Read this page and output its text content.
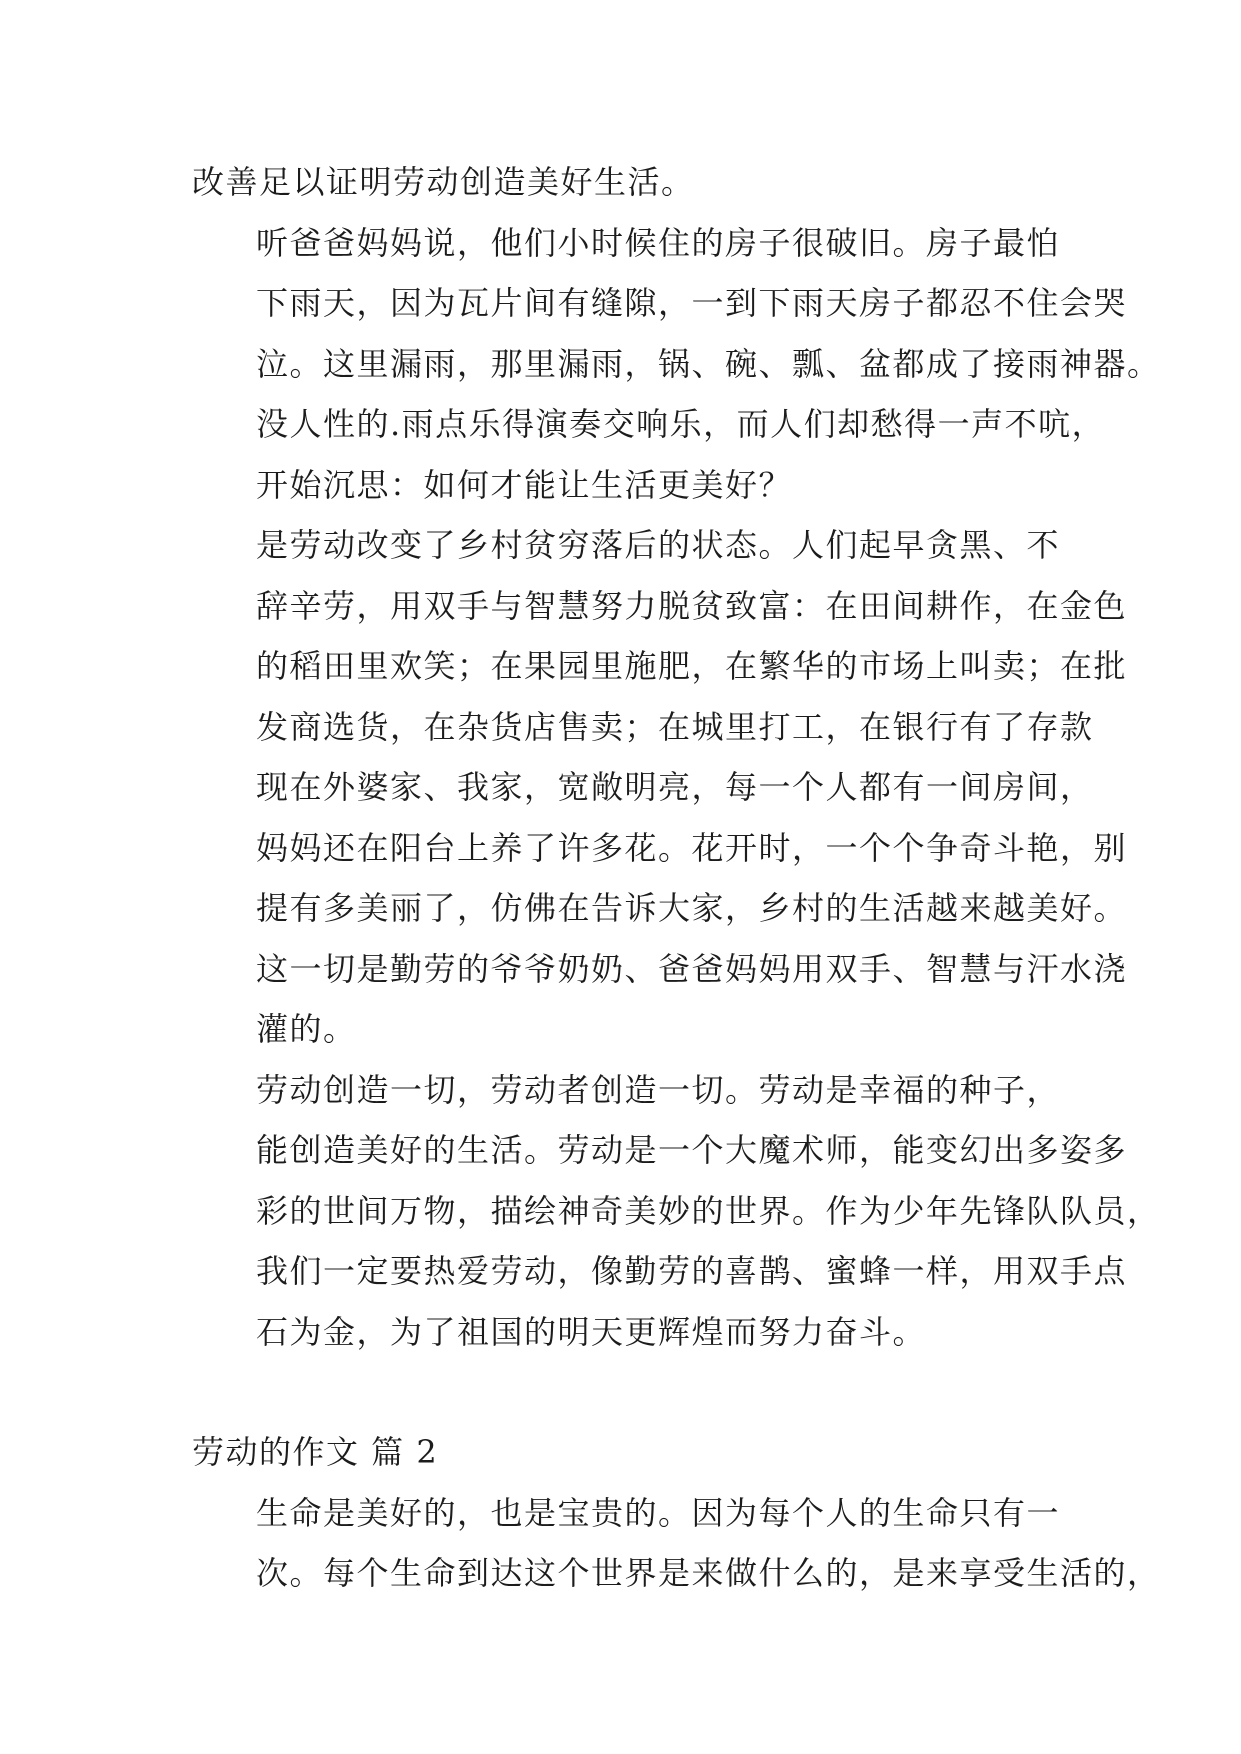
改善足以证明劳动创造美好生活。

听爸爸妈妈说，他们小时候住的房子很破旧。房子最怕
下雨天，因为瓦片间有缝隙，一到下雨天房子都忍不住会哭
泣。这里漏雨，那里漏雨，锅、碗、瓢、盆都成了接雨神器。
没人性的.雨点乐得演奏交响乐，而人们却愁得一声不吭，
开始沉思：如何才能让生活更美好？

是劳动改变了乡村贫穷落后的状态。人们起早贪黑、不
辞辛劳，用双手与智慧努力脱贫致富：在田间耕作，在金色
的稻田里欢笑；在果园里施肥，在繁华的市场上叫卖；在批
发商选货，在杂货店售卖；在城里打工，在银行有了存款

现在外婆家、我家，宽敞明亮，每一个人都有一间房间，
妈妈还在阳台上养了许多花。花开时，一个个争奇斗艳，别
提有多美丽了，仿佛在告诉大家，乡村的生活越来越美好。
这一切是勤劳的爷爷奶奶、爸爸妈妈用双手、智慧与汗水浇
灌的。

劳动创造一切，劳动者创造一切。劳动是幸福的种子，
能创造美好的生活。劳动是一个大魔术师，能变幻出多姿多
彩的世间万物，描绘神奇美妙的世界。作为少年先锋队队员，
我们一定要热爱劳动，像勤劳的喜鹊、蜜蜂一样，用双手点
石为金，为了祖国的明天更辉煌而努力奋斗。

劳动的作文 篇 2

生命是美好的，也是宝贵的。因为每个人的生命只有一
次。每个生命到达这个世界是来做什么的，是来享受生活的，
